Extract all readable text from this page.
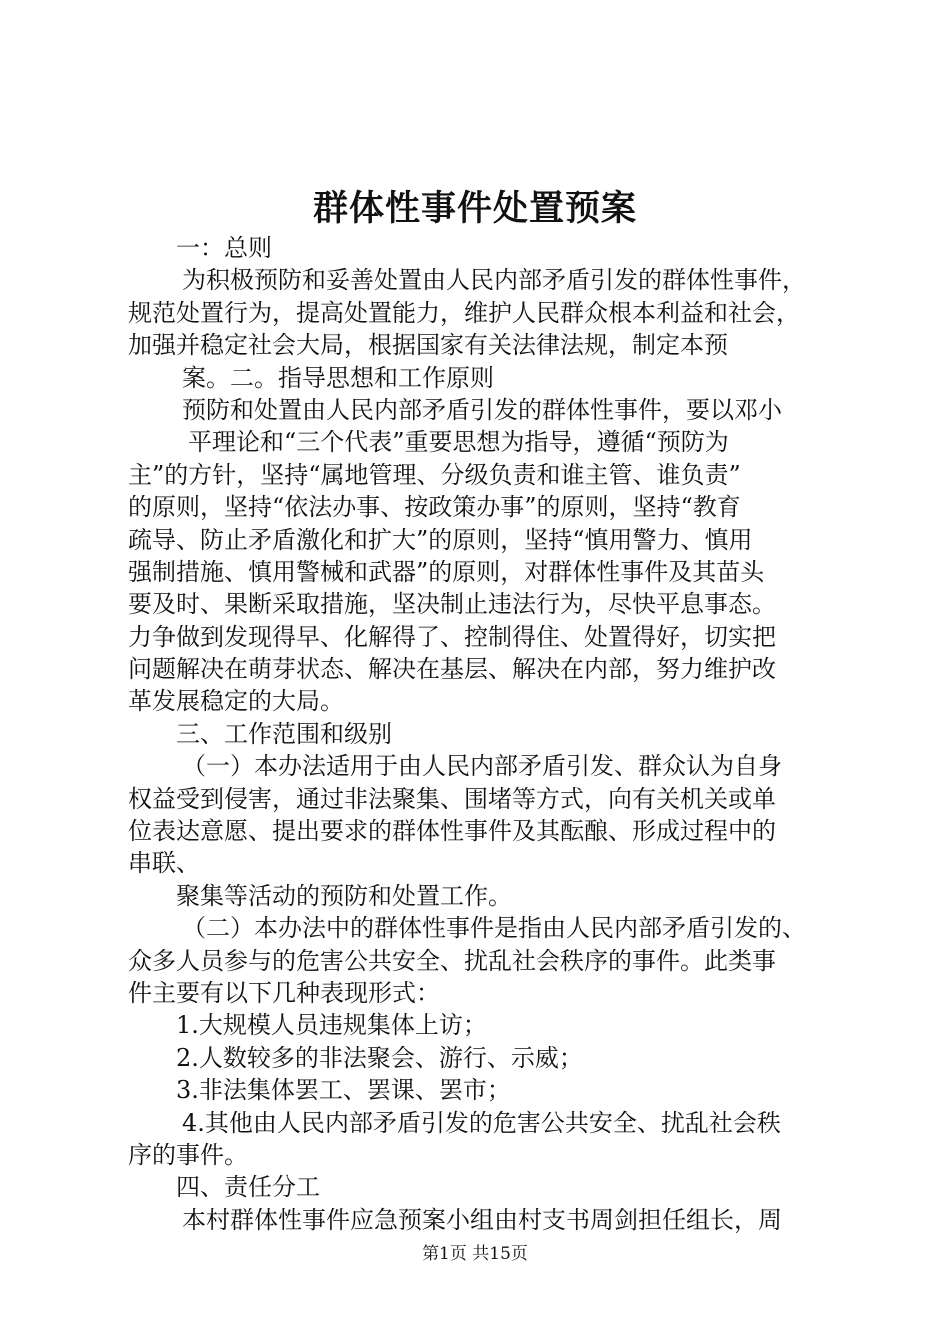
群体性事件处置预案
一：总则
为积极预防和妥善处置由人民内部矛盾引发的群体性事件，
规范处置行为，提高处置能力，维护人民群众根本利益和社会，
加强并稳定社会大局，根据国家有关法律法规，制定本预
案。二。指导思想和工作原则
预防和处置由人民内部矛盾引发的群体性事件，要以邓小
平理论和“三个代表”重要思想为指导，遵循“预防为
主”的方针，坚持“属地管理、分级负责和谁主管、谁负责”
的原则，坚持“依法办事、按政策办事”的原则，坚持“教育
疏导、防止矛盾激化和扩大”的原则，坚持“慎用警力、慎用
强制措施、慎用警械和武器”的原则，对群体性事件及其苗头
要及时、果断采取措施，坚决制止违法行为，尽快平息事态。
力争做到发现得早、化解得了、控制得住、处置得好，切实把
问题解决在萌芽状态、解决在基层、解决在内部，努力维护改
革发展稳定的大局。
三、工作范围和级别
（一）本办法适用于由人民内部矛盾引发、群众认为自身
权益受到侵害，通过非法聚集、围堵等方式，向有关机关或单
位表达意愿、提出要求的群体性事件及其酝酿、形成过程中的
串联、
聚集等活动的预防和处置工作。
（二）本办法中的群体性事件是指由人民内部矛盾引发的、
众多人员参与的危害公共安全、扰乱社会秩序的事件。此类事
件主要有以下几种表现形式：
1.大规模人员违规集体上访；
2.人数较多的非法聚会、游行、示威；
3.非法集体罢工、罢课、罢市；
4.其他由人民内部矛盾引发的危害公共安全、扰乱社会秩
序的事件。
四、责任分工
本村群体性事件应急预案小组由村支书周剑担任组长，周
第1页 共15页
